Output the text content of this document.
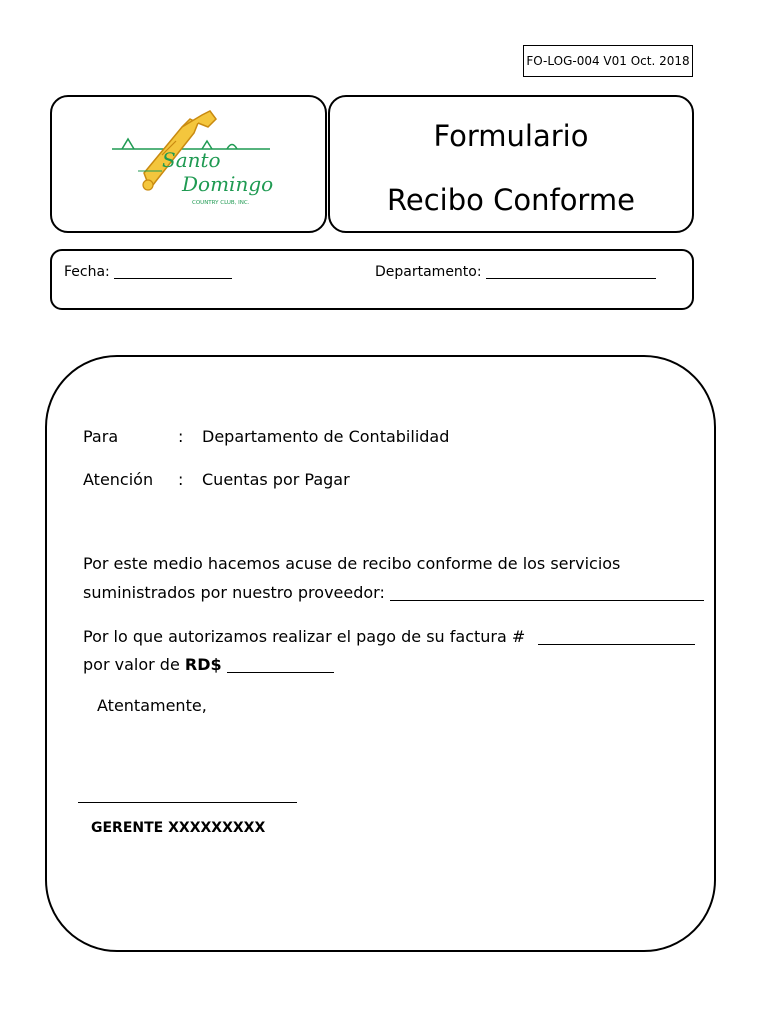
FO-LOG-004 V01 Oct. 2018
Santo
Domingo
COUNTRY CLUB, INC.
Formulario
Recibo Conforme
Fecha:	Departamento:
Para	: Departamento de Contabilidad
Atención : Cuentas por Pagar
Por este medio hacemos acuse de recibo conforme de los servicios
suministrados por nuestro proveedor:
Por lo que autorizamos realizar el pago de su factura #
por valor de RD$
Atentamente,
GERENTE XXXXXXXXX
